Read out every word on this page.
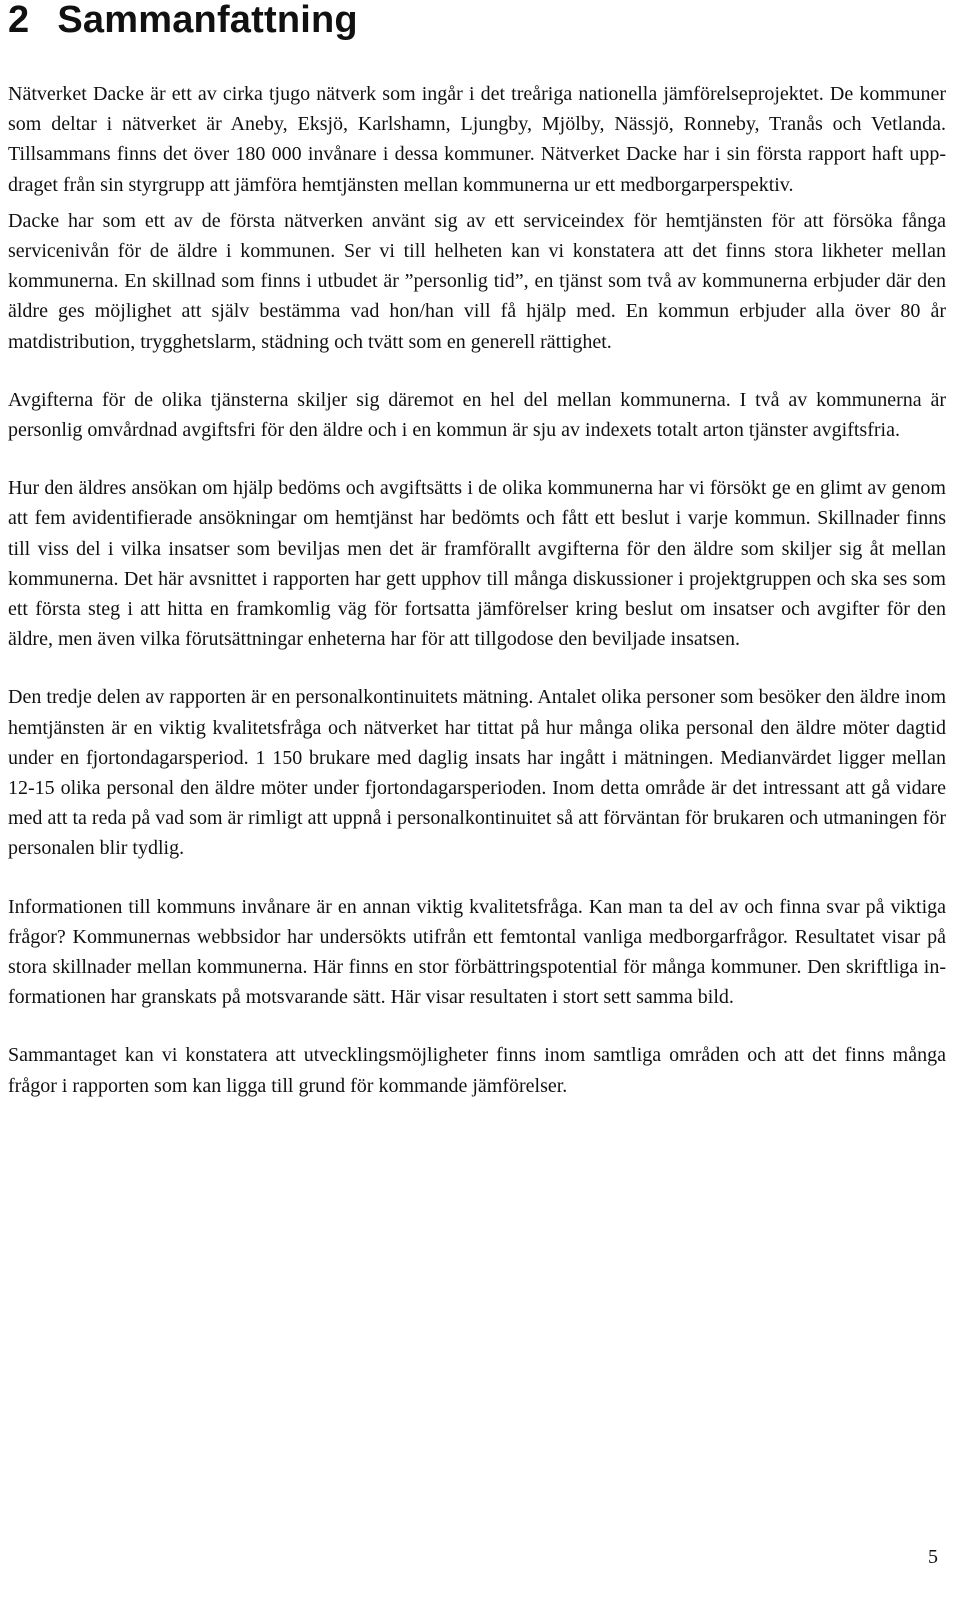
2 Sammanfattning

Nätverket Dacke är ett av cirka tjugo nätverk som ingår i det treåriga nationella jämförelseprojektet. De kommuner som deltar i nätverket är Aneby, Eksjö, Karlshamn, Ljungby, Mjölby, Nässjö, Ronneby, Tranås och Vetlanda. Tillsammans finns det över 180 000 invånare i dessa kommuner. Nätverket Dacke har i sin första rapport haft uppdraget från sin styrgrupp att jämföra hemtjänsten mellan kommunerna ur ett medborgarperspektiv.

Dacke har som ett av de första nätverken använt sig av ett serviceindex för hemtjänsten för att försöka fånga servicenivån för de äldre i kommunen. Ser vi till helheten kan vi konstatera att det finns stora likheter mellan kommunerna. En skillnad som finns i utbudet är ”personlig tid”, en tjänst som två av kommunerna erbjuder där den äldre ges möjlighet att själv bestämma vad hon/han vill få hjälp med. En kommun erbjuder alla över 80 år matdistribution, trygghetslarm, städning och tvätt som en generell rättighet.

Avgifterna för de olika tjänsterna skiljer sig däremot en hel del mellan kommunerna. I två av kommunerna är personlig omvårdnad avgiftsfri för den äldre och i en kommun är sju av indexets totalt arton tjänster avgiftsfria.

Hur den äldres ansökan om hjälp bedöms och avgiftsätts i de olika kommunerna har vi försökt ge en glimt av genom att fem avidentifierade ansökningar om hemtjänst har bedömts och fått ett beslut i varje kommun. Skillnader finns till viss del i vilka insatser som beviljas men det är framförallt avgifterna för den äldre som skiljer sig åt mellan kommunerna. Det här avsnittet i rapporten har gett upphov till många diskussioner i projektgruppen och ska ses som ett första steg i att hitta en framkomlig väg för fortsatta jämförelser kring beslut om insatser och avgifter för den äldre, men även vilka förutsättningar enheterna har för att tillgodose den beviljade insatsen.

Den tredje delen av rapporten är en personalkontinuitets mätning. Antalet olika personer som besöker den äldre inom hemtjänsten är en viktig kvalitetsfråga och nätverket har tittat på hur många olika personal den äldre möter dagtid under en fjortondagarsperiod. 1 150 brukare med daglig insats har ingått i mätningen. Medianvärdet ligger mellan 12-15 olika personal den äldre möter under fjortondagarsperioden. Inom detta område är det intressant att gå vidare med att ta reda på vad som är rimligt att uppnå i personalkontinuitet så att förväntan för brukaren och utmaningen för personalen blir tydlig.

Informationen till kommuns invånare är en annan viktig kvalitetsfråga. Kan man ta del av och finna svar på viktiga frågor? Kommunernas webbsidor har undersökts utifrån ett femtontal vanliga medborgarfrågor. Resultatet visar på stora skillnader mellan kommunerna. Här finns en stor förbättringspotential för många kommuner. Den skriftliga informationen har granskats på motsvarande sätt. Här visar resultaten i stort sett samma bild.

Sammantaget kan vi konstatera att utvecklingsmöjligheter finns inom samtliga områden och att det finns många frågor i rapporten som kan ligga till grund för kommande jämförelser.

5
